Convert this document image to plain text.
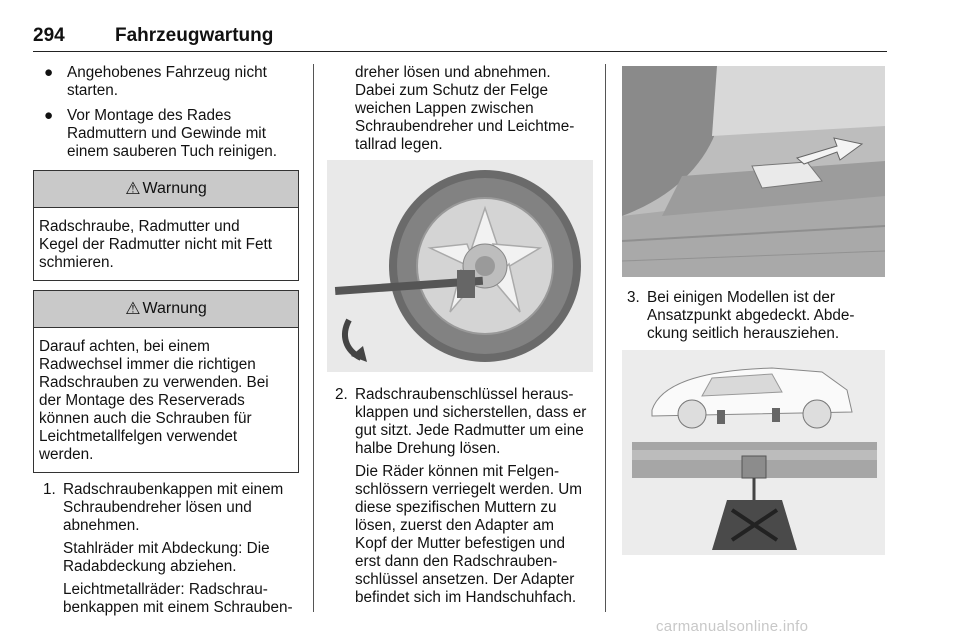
294	Fahrzeugwartung
● Angehobenes Fahrzeug nicht
starten.
● Vor Montage des Rades
Radmuttern und Gewinde mit
einem sauberen Tuch reinigen.
⚠ Warnung
Radschraube, Radmutter und
Kegel der Radmutter nicht mit Fett
schmieren.
⚠ Warnung
Darauf achten, bei einem
Radwechsel immer die richtigen
Radschrauben zu verwenden. Bei
der Montage des Reserverads
können auch die Schrauben für
Leichtmetallfelgen verwendet
werden.
1. Radschraubenkappen mit einem
Schraubendreher lösen und
abnehmen.
Stahlräder mit Abdeckung: Die
Radabdeckung abziehen.
Leichtmetallräder: Radschrau-
benkappen mit einem Schrauben-
dreher lösen und abnehmen.
Dabei zum Schutz der Felge
weichen Lappen zwischen
Schraubendreher und Leichtme-
tallrad legen.
2. Radschraubenschlüssel heraus-
klappen und sicherstellen, dass er
gut sitzt. Jede Radmutter um eine
halbe Drehung lösen.
Die Räder können mit Felgen-
schlössern verriegelt werden. Um
diese spezifischen Muttern zu
lösen, zuerst den Adapter am
Kopf der Mutter befestigen und
erst dann den Radschrauben-
schlüssel ansetzen. Der Adapter
befindet sich im Handschuhfach.
3. Bei einigen Modellen ist der
Ansatzpunkt abgedeckt. Abde-
ckung seitlich herausziehen.
carmanualsonline.info
